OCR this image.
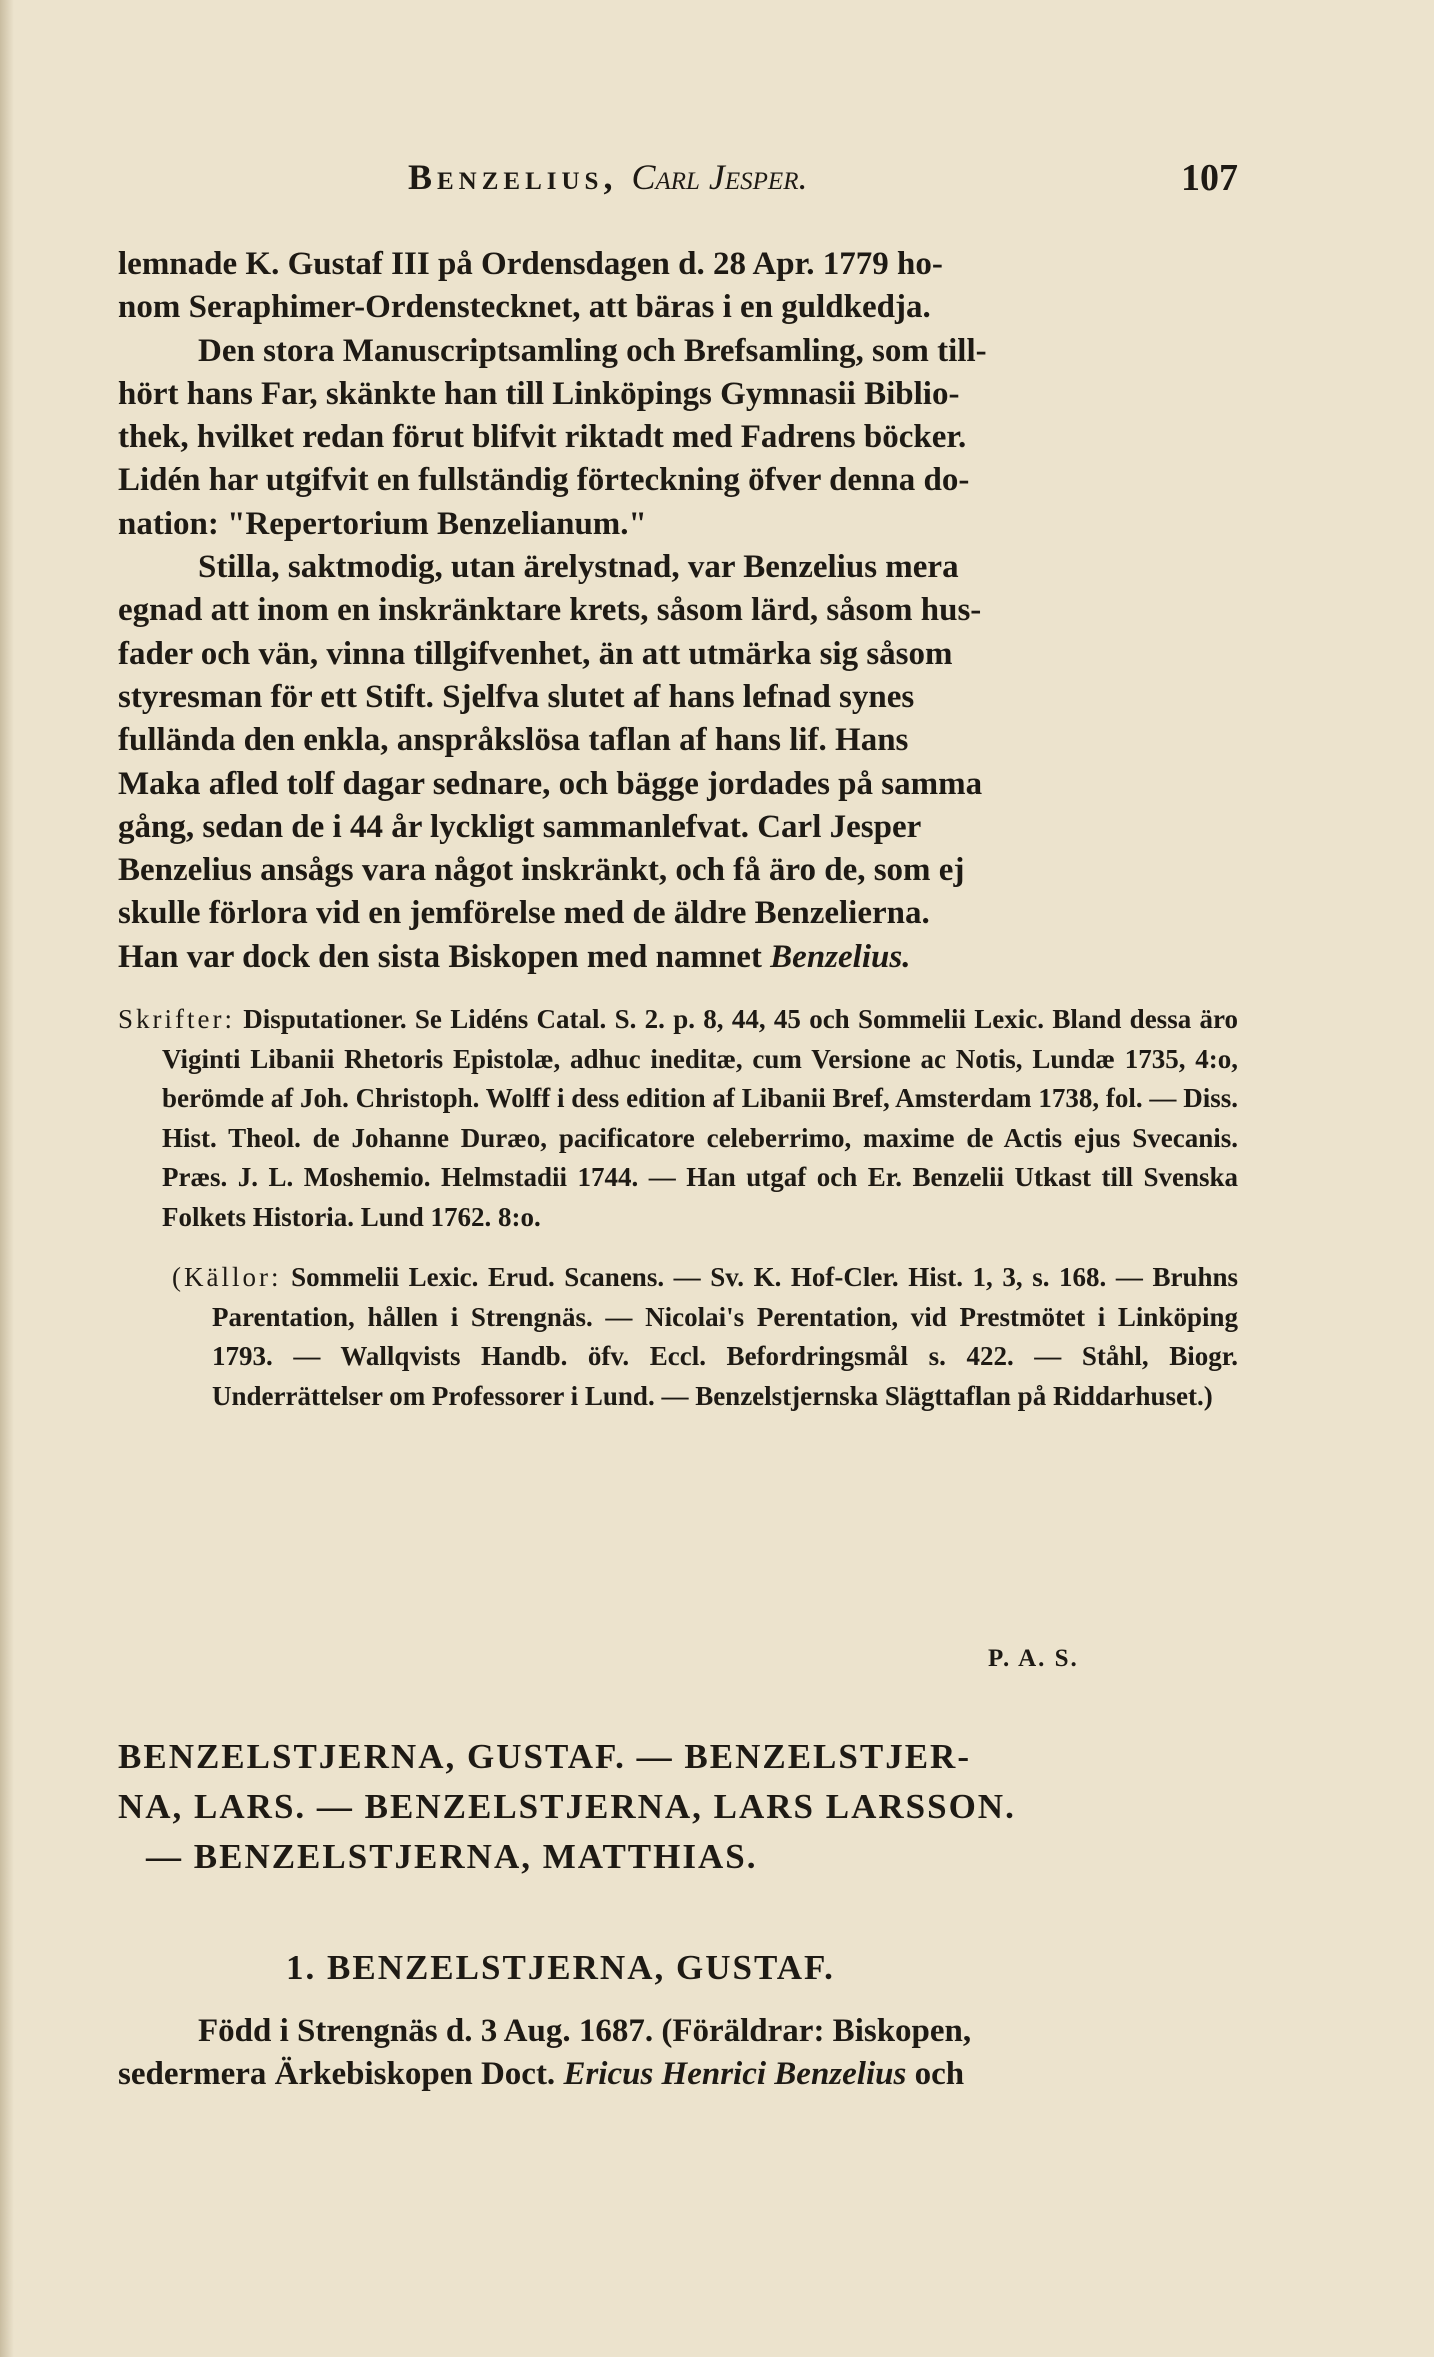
Benzelius, Carl Jesper.	107

lemnade K. Gustaf III på Ordensdagen d. 28 Apr. 1779 ho-

nom Seraphimer-Ordenstecknet, att bäras i en guldkedja.

Den stora Manuscriptsamling och Brefsamling, som till-

hört hans Far, skänkte han till Linköpings Gymnasii Biblio-

thek, hvilket redan förut blifvit riktadt med Fadrens böcker.

Lidén har utgifvit en fullständig förteckning öfver denna do-

nation: "Repertorium Benzelianum."

Stilla, saktmodig, utan ärelystnad, var Benzelius mera

egnad att inom en inskränktare krets, såsom lärd, såsom hus-

fader och vän, vinna tillgifvenhet, än att utmärka sig såsom

styresman för ett Stift. Sjelfva slutet af hans lefnad synes

fullända den enkla, anspråkslösa taflan af hans lif. Hans

Maka afled tolf dagar sednare, och bägge jordades på samma

gång, sedan de i 44 år lyckligt sammanlefvat. Carl Jesper

Benzelius ansågs vara något inskränkt, och få äro de, som ej

skulle förlora vid en jemförelse med de äldre Benzelierna.

Han var dock den sista Biskopen med namnet Benzelius.

Skrifter: Disputationer. Se Lidéns Catal. S. 2. p. 8, 44, 45 och Sommelii Lexic. Bland dessa äro Viginti Libanii Rhetoris Epistolæ, adhuc ineditæ, cum Versione ac Notis, Lundæ 1735, 4:o, berömde af Joh. Christoph. Wolff i dess edition af Libanii Bref, Amsterdam 1738, fol. — Diss. Hist. Theol. de Johanne Duræo, pacificatore celeberrimo, maxime de Actis ejus Svecanis. Præs. J. L. Moshemio. Helmstadii 1744. — Han utgaf och Er. Benzelii Utkast till Svenska Folkets Historia. Lund 1762. 8:o.

(Källor: Sommelii Lexic. Erud. Scanens. — Sv. K. Hof-Cler. Hist. 1, 3, s. 168. — Bruhns Parentation, hållen i Strengnäs. — Nicolai's Perentation, vid Prestmötet i Linköping 1793. — Wallqvists Handb. öfv. Eccl. Befordringsmål s. 422. — Ståhl, Biogr. Underrättelser om Professorer i Lund. — Benzelstjernska Slägttaflan på Riddarhuset.)

P. A. S.

BENZELSTJERNA, GUSTAF. — BENZELSTJER-

NA, LARS. — BENZELSTJERNA, LARS LARSSON.

— BENZELSTJERNA, MATTHIAS.

1. BENZELSTJERNA, GUSTAF.

Född i Strengnäs d. 3 Aug. 1687. (Föräldrar: Biskopen,

sedermera Ärkebiskopen Doct. Ericus Henrici Benzelius och
